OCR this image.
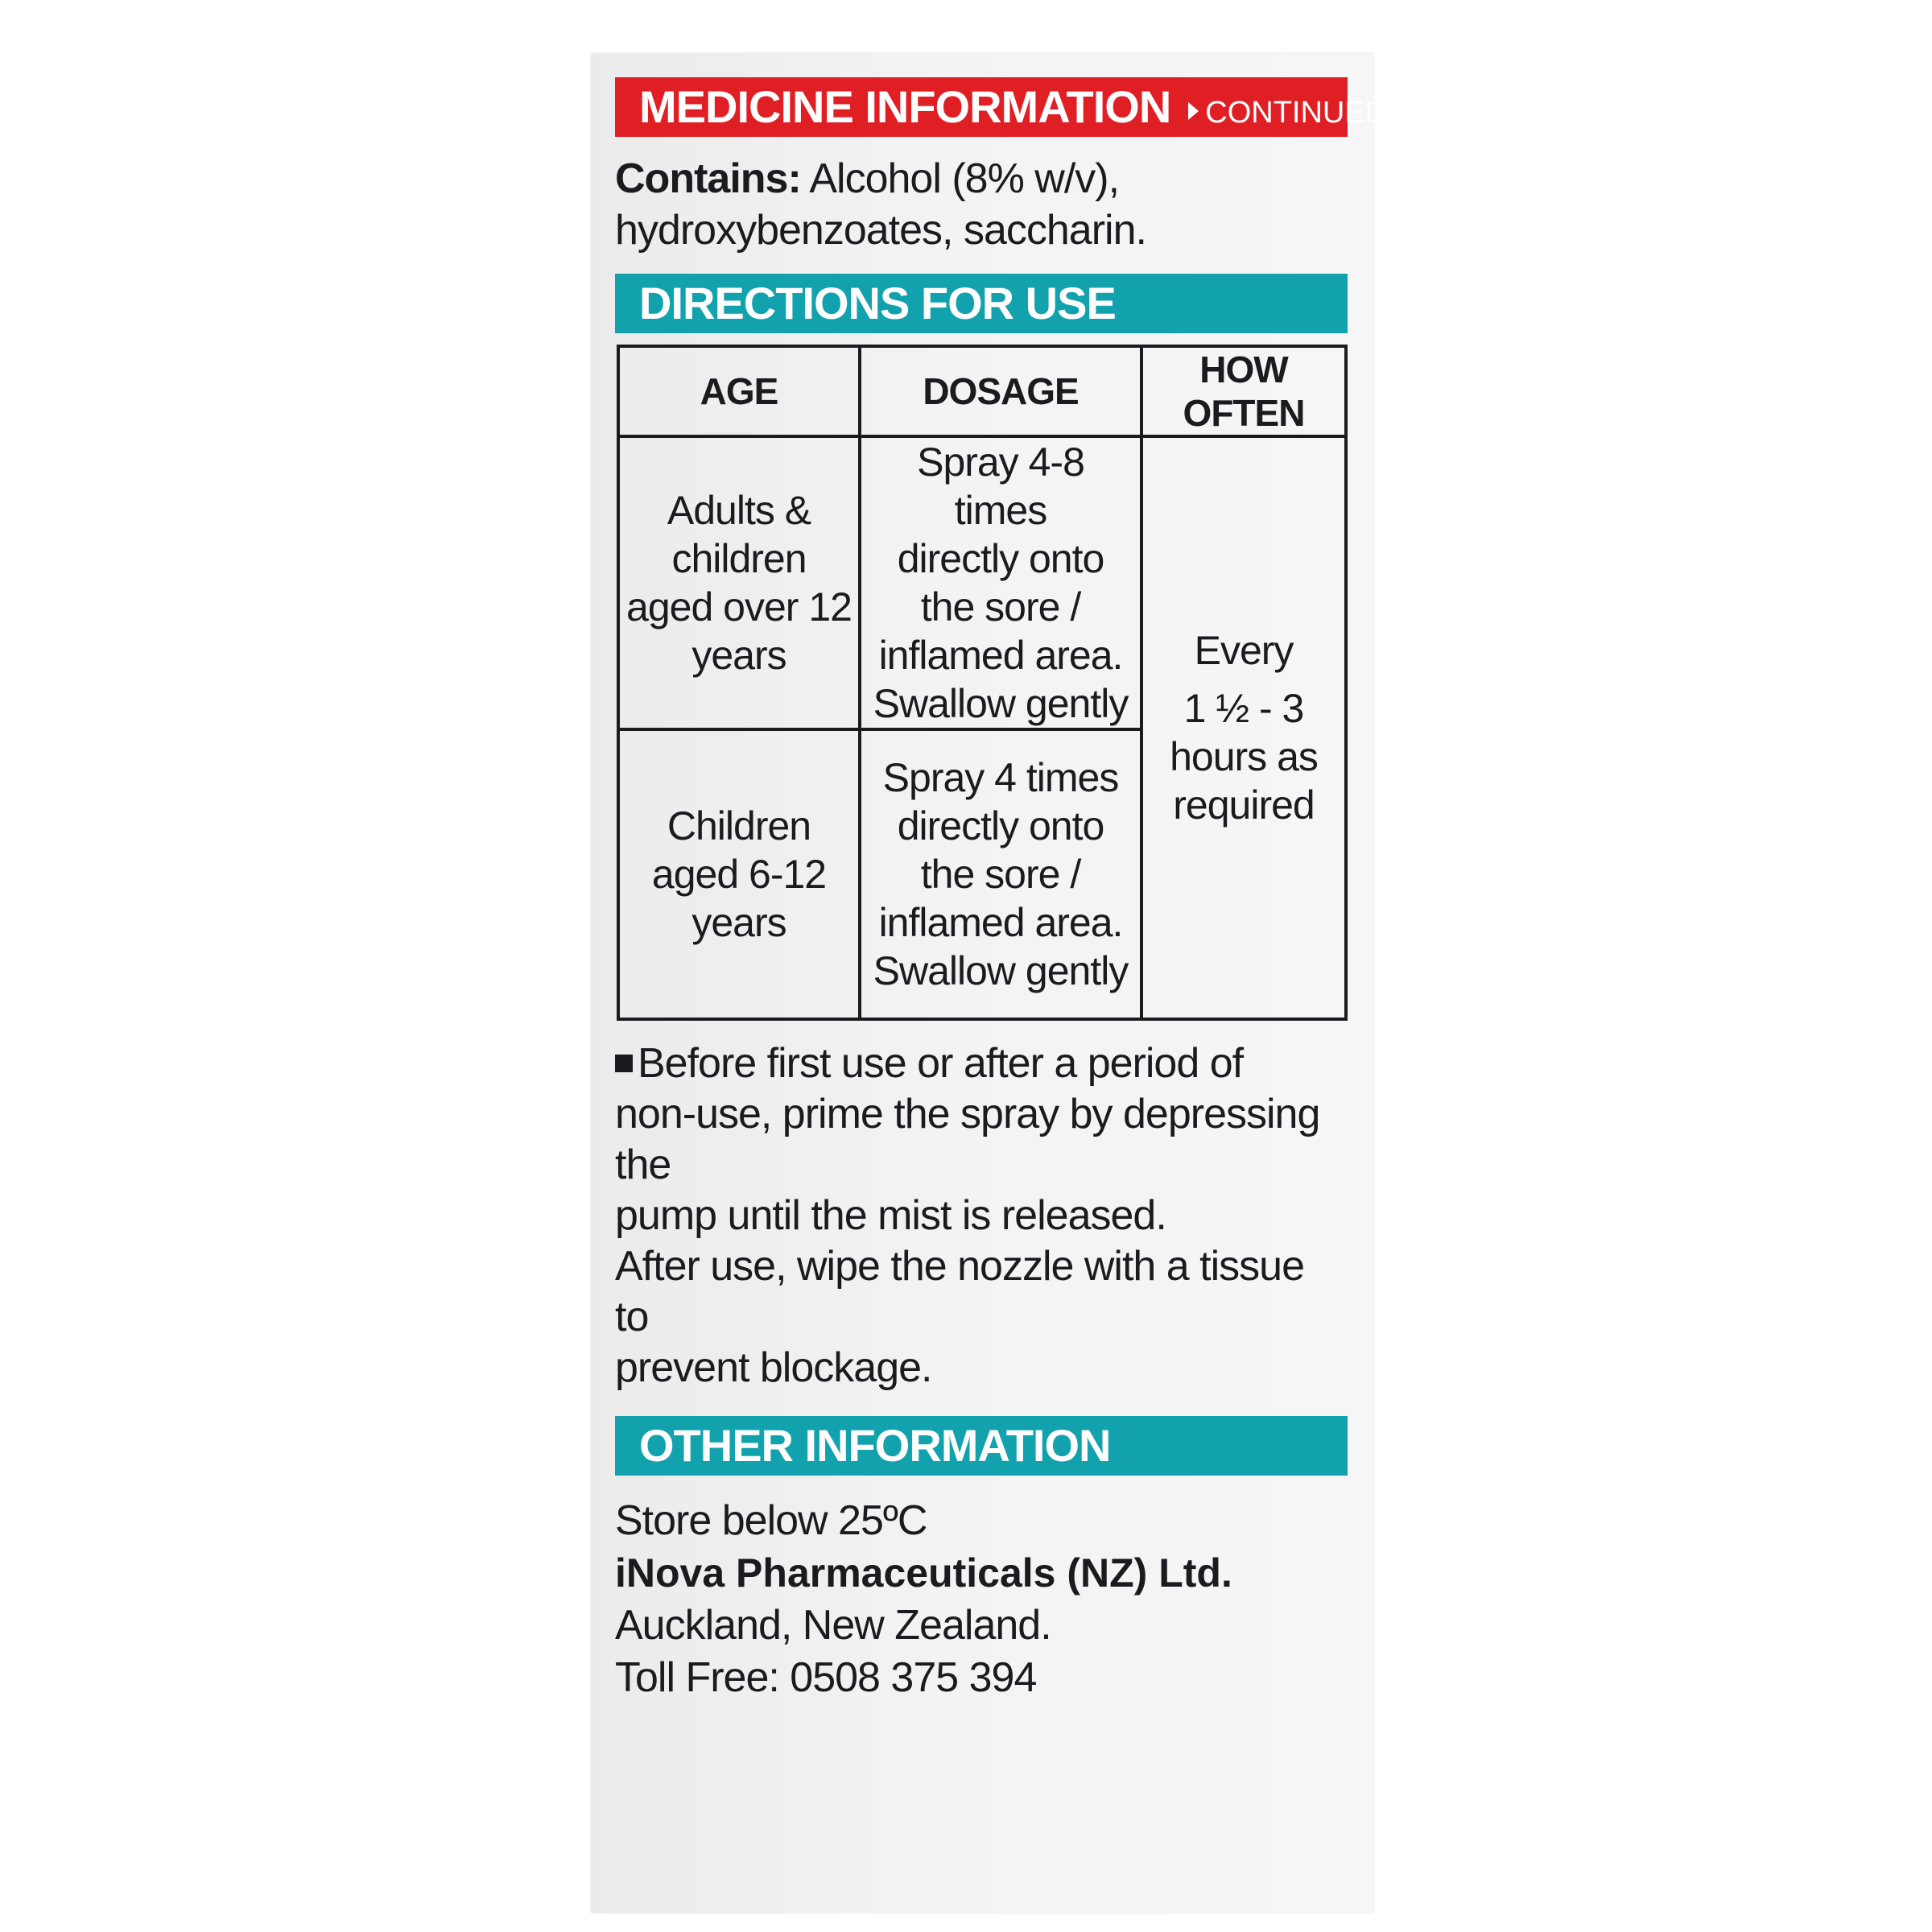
MEDICINE INFORMATION CONTINUED
Contains: Alcohol (8% w/v),
hydroxybenzoates, saccharin.
DIRECTIONS FOR USE
AGE	DOSAGE	HOW OFTEN

Adults &
children
aged over 12
years	Spray 4-8 times
directly onto
the sore /
inflamed area.
Swallow gently	Every
1 ½ - 3
hours as
required

Children
aged 6-12
years	Spray 4 times
directly onto
the sore /
inflamed area.
Swallow gently	
Before first use or after a period of
non-use, prime the spray by depressing the
pump until the mist is released.
After use, wipe the nozzle with a tissue to
prevent blockage.
OTHER INFORMATION
Store below 25ºC
iNova Pharmaceuticals (NZ) Ltd.
Auckland, New Zealand.
Toll Free: 0508 375 394
